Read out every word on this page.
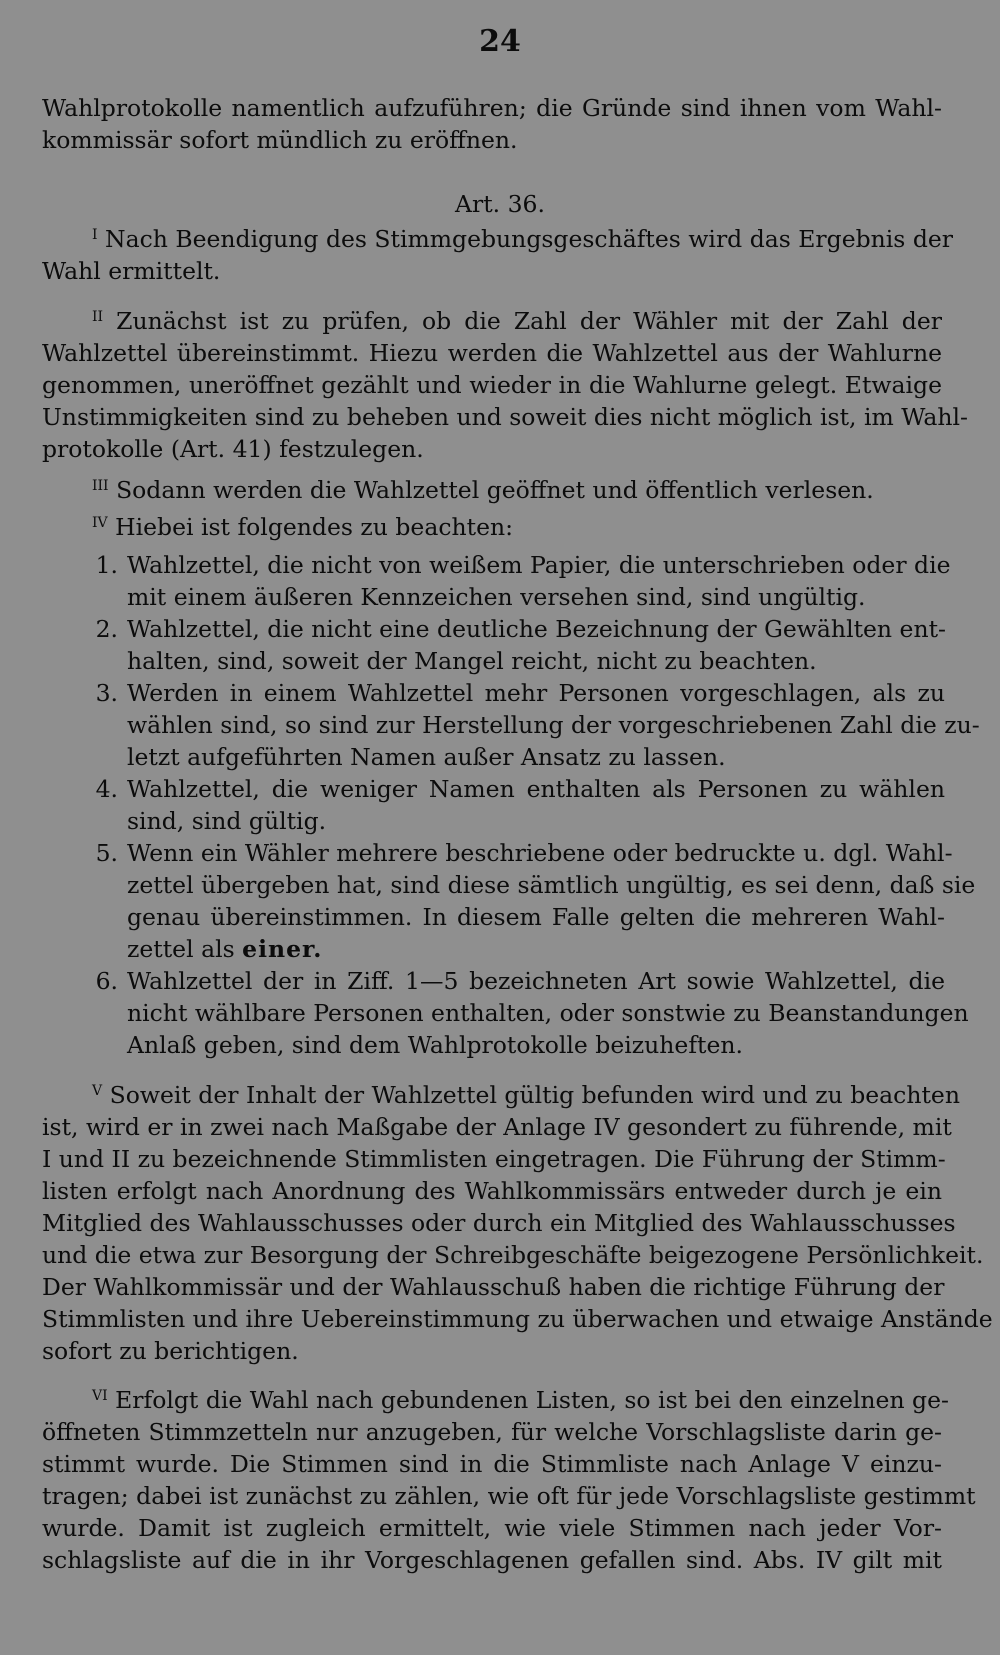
24
Art. 36.
zettel als einer.
Wahlprotokolle namentlich aufzuführen; die Gründe sind ihnen vom Wahl-
kommissär sofort mündlich zu eröffnen.
$^I$ Nach Beendigung des Stimmgebungsgeschäftes wird das Ergebnis der
Wahl ermittelt.
$^{II}$ Zunächst ist zu prüfen, ob die Zahl der Wähler mit der Zahl der
Wahlzettel übereinstimmt. Hiezu werden die Wahlzettel aus der Wahlurne
genommen, uneröffnet gezählt und wieder in die Wahlurne gelegt. Etwaige
Unstimmigkeiten sind zu beheben und soweit dies nicht möglich ist, im Wahl-
protokolle (Art. 41) festzulegen.
$^{III}$ Sodann werden die Wahlzettel geöffnet und öffentlich verlesen.
$^{IV}$ Hiebei ist folgendes zu beachten:
1. Wahlzettel, die nicht von weißem Papier, die unterschrieben oder die
mit einem äußeren Kennzeichen versehen sind, sind ungültig.
2. Wahlzettel, die nicht eine deutliche Bezeichnung der Gewählten ent-
halten, sind, soweit der Mangel reicht, nicht zu beachten.
3. Werden in einem Wahlzettel mehr Personen vorgeschlagen, als zu
wählen sind, so sind zur Herstellung der vorgeschriebenen Zahl die zu-
letzt aufgeführten Namen außer Ansatz zu lassen.
4. Wahlzettel, die weniger Namen enthalten als Personen zu wählen
sind, sind gültig.
5. Wenn ein Wähler mehrere beschriebene oder bedruckte u. dgl. Wahl-
zettel übergeben hat, sind diese sämtlich ungültig, es sei denn, daß sie
genau übereinstimmen. In diesem Falle gelten die mehreren Wahl-
6. Wahlzettel der in Ziff. 1—5 bezeichneten Art sowie Wahlzettel, die
nicht wählbare Personen enthalten, oder sonstwie zu Beanstandungen
Anlaß geben, sind dem Wahlprotokolle beizuheften.
$^V$ Soweit der Inhalt der Wahlzettel gültig befunden wird und zu beachten
ist, wird er in zwei nach Maßgabe der Anlage IV gesondert zu führende, mit
I und II zu bezeichnende Stimmlisten eingetragen. Die Führung der Stimm-
listen erfolgt nach Anordnung des Wahlkommissärs entweder durch je ein
Mitglied des Wahlausschusses oder durch ein Mitglied des Wahlausschusses
und die etwa zur Besorgung der Schreibgeschäfte beigezogene Persönlichkeit.
Der Wahlkommissär und der Wahlausschuß haben die richtige Führung der
Stimmlisten und ihre Uebereinstimmung zu überwachen und etwaige Anstände
sofort zu berichtigen.
$^{VI}$ Erfolgt die Wahl nach gebundenen Listen, so ist bei den einzelnen ge-
öffneten Stimmzetteln nur anzugeben, für welche Vorschlagsliste darin ge-
stimmt wurde. Die Stimmen sind in die Stimmliste nach Anlage V einzu-
tragen; dabei ist zunächst zu zählen, wie oft für jede Vorschlagsliste gestimmt
wurde. Damit ist zugleich ermittelt, wie viele Stimmen nach jeder Vor-
schlagsliste auf die in ihr Vorgeschlagenen gefallen sind. Abs. IV gilt mit
